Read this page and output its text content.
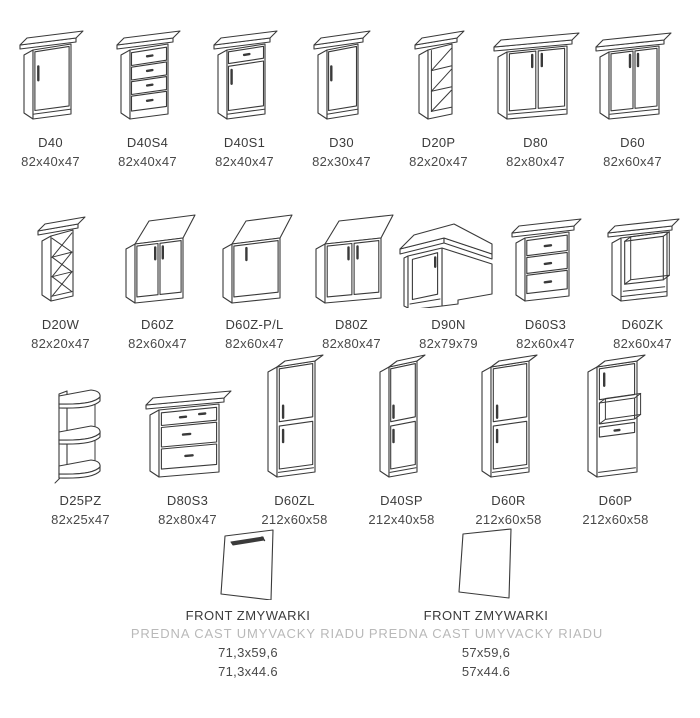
D40
82x40x47
D40S4
82x40x47
D40S1
82x40x47
D30
82x30x47
D20P
82x20x47
D80
82x80x47
D60
82x60x47
D20W
82x20x47
D60Z
82x60x47
D60Z-P/L
82x60x47
D80Z
82x80x47
D90N
82x79x79
D60S3
82x60x47
D60ZK
82x60x47
D25PZ
82x25x47
D80S3
82x80x47
D60ZL
212x60x58
D40SP
212x40x58
D60R
212x60x58
D60P
212x60x58
FRONT ZMYWARKI
PREDNA CAST UMYVACKY RIADU
71,3x59,6
71,3x44.6
FRONT ZMYWARKI
PREDNA CAST UMYVACKY RIADU
57x59,6
57x44.6
